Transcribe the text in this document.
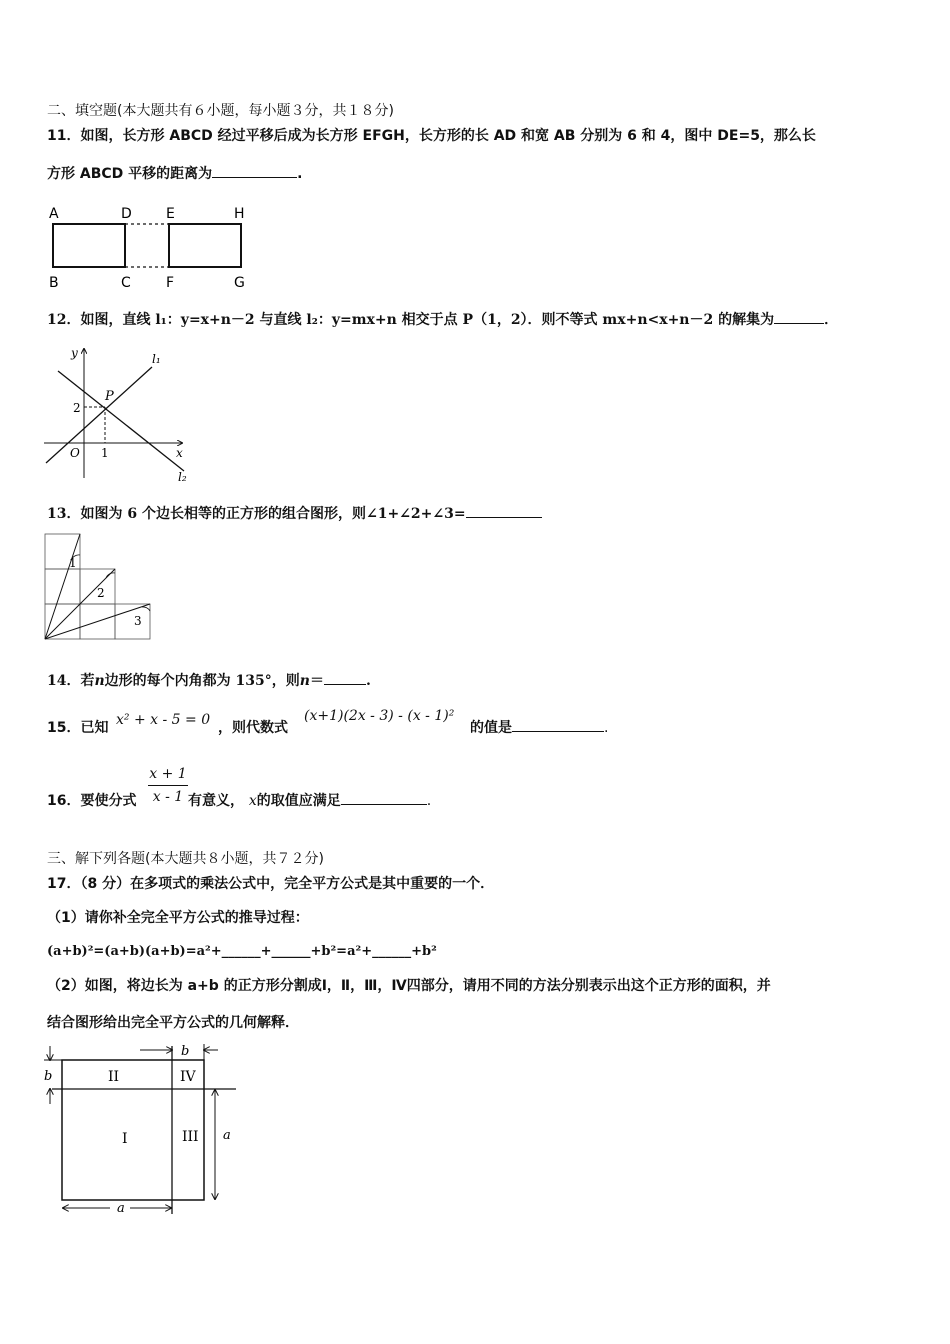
二、填空题(本大题共有６小题，每小题３分，共１８分)
11．如图，长方形 ABCD 经过平移后成为长方形 EFGH，长方形的长 AD 和宽 AB 分别为 6 和 4，图中 DE=5，那么长
方形 ABCD 平移的距离为	.
A	D E	H
B	C	F	G
12．如图，直线 l₁：y=x+n－2 与直线 l₂：y=mx+n 相交于点 P（1，2）．则不等式 mx+n<x+n－2 的解集为	．
y
x
O 1
2
P
l₁
l₂
13．如图为 6 个边长相等的正方形的组合图形，则∠1+∠2+∠3=
1
2
3
14．若n边形的每个内角都为 135°，则n＝	.
15．已知 x² + x - 5 = 0 ，则代数式
(x+1)(2x - 3) - (x - 1)²
的值是	.
16．要使分式
x + 1
x - 1 有意义， x的取值应满足	.
三、解下列各题(本大题共８小题，共７２分)
17．（8 分）在多项式的乘法公式中，完全平方公式是其中重要的一个．
（1）请你补全完全平方公式的推导过程：
(a+b)²=(a+b)(a+b)=a²+______+______+b²=a²+______+b²
（2）如图，将边长为 a+b 的正方形分割成Ⅰ，Ⅱ，Ⅲ，Ⅳ四部分，请用不同的方法分别表示出这个正方形的面积，并
结合图形给出完全平方公式的几何解释．
I
II
III
IV
a
a
b
b
